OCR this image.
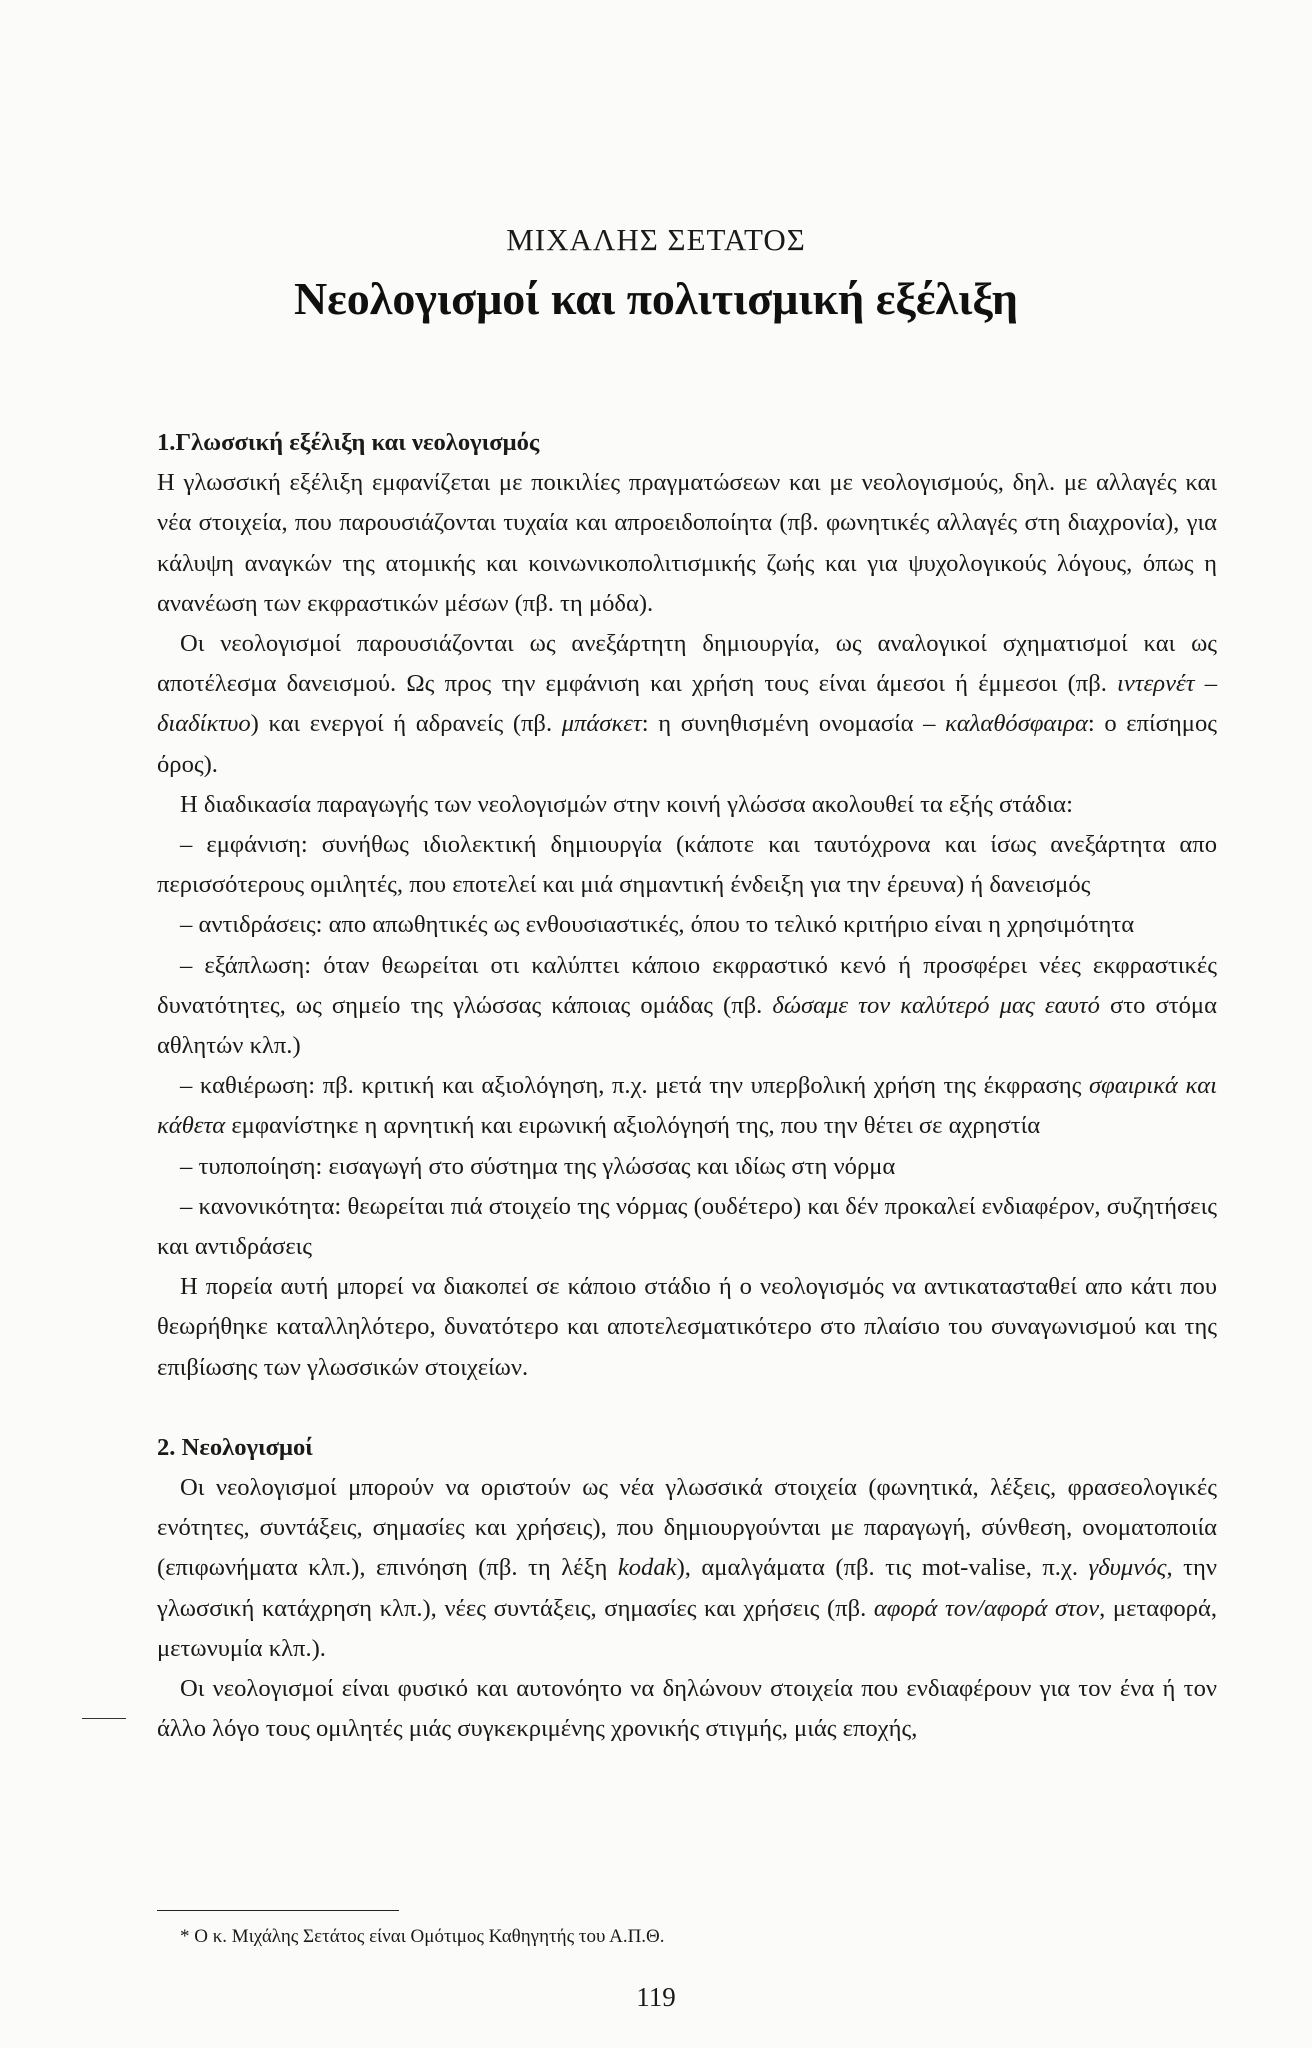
ΜΙΧΑΛΗΣ ΣΕΤΑΤΟΣ
Νεολογισμοί και πολιτισμική εξέλιξη
1.Γλωσσική εξέλιξη και νεολογισμός

Η γλωσσική εξέλιξη εμφανίζεται με ποικιλίες πραγματώσεων και με νεολογισμούς, δηλ. με αλλαγές και νέα στοιχεία, που παρουσιάζονται τυχαία και απροειδοποίητα (πβ. φωνητικές αλλαγές στη διαχρονία), για κάλυψη αναγκών της ατομικής και κοινωνικοπολιτισμικής ζωής και για ψυχολογικούς λόγους, όπως η ανανέωση των εκφραστικών μέσων (πβ. τη μόδα).

Οι νεολογισμοί παρουσιάζονται ως ανεξάρτητη δημιουργία, ως αναλογικοί σχηματισμοί και ως αποτέλεσμα δανεισμού. Ως προς την εμφάνιση και χρήση τους είναι άμεσοι ή έμμεσοι (πβ. ιντερνέτ – διαδίκτυο) και ενεργοί ή αδρανείς (πβ. μπάσκετ: η συνηθισμένη ονομασία – καλαθόσφαιρα: ο επίσημος όρος).

Η διαδικασία παραγωγής των νεολογισμών στην κοινή γλώσσα ακολουθεί τα εξής στάδια:

– εμφάνιση: συνήθως ιδιολεκτική δημιουργία (κάποτε και ταυτόχρονα και ίσως ανεξάρτητα απο περισσότερους ομιλητές, που εποτελεί και μιά σημαντική ένδειξη για την έρευνα) ή δανεισμός

– αντιδράσεις: απο απωθητικές ως ενθουσιαστικές, όπου το τελικό κριτήριο είναι η χρησιμότητα

– εξάπλωση: όταν θεωρείται οτι καλύπτει κάποιο εκφραστικό κενό ή προσφέρει νέες εκφραστικές δυνατότητες, ως σημείο της γλώσσας κάποιας ομάδας (πβ. δώσαμε τον καλύτερό μας εαυτό στο στόμα αθλητών κλπ.)

– καθιέρωση: πβ. κριτική και αξιολόγηση, π.χ. μετά την υπερβολική χρήση της έκφρασης σφαιρικά και κάθετα εμφανίστηκε η αρνητική και ειρωνική αξιολόγησή της, που την θέτει σε αχρηστία

– τυποποίηση: εισαγωγή στο σύστημα της γλώσσας και ιδίως στη νόρμα

– κανονικότητα: θεωρείται πιά στοιχείο της νόρμας (ουδέτερο) και δέν προκαλεί ενδιαφέρον, συζητήσεις και αντιδράσεις

Η πορεία αυτή μπορεί να διακοπεί σε κάποιο στάδιο ή ο νεολογισμός να αντικατασταθεί απο κάτι που θεωρήθηκε καταλληλότερο, δυνατότερο και αποτελεσματικότερο στο πλαίσιο του συναγωνισμού και της επιβίωσης των γλωσσικών στοιχείων.

2. Νεολογισμοί

Οι νεολογισμοί μπορούν να οριστούν ως νέα γλωσσικά στοιχεία (φωνητικά, λέξεις, φρασεολογικές ενότητες, συντάξεις, σημασίες και χρήσεις), που δημιουργούνται με παραγωγή, σύνθεση, ονοματοποιία (επιφωνήματα κλπ.), επινόηση (πβ. τη λέξη kodak), αμαλγάματα (πβ. τις mot-valise, π.χ. γδυμνός, την γλωσσική κατάχρηση κλπ.), νέες συντάξεις, σημασίες και χρήσεις (πβ. αφορά τον/αφορά στον, μεταφορά, μετωνυμία κλπ.).

Οι νεολογισμοί είναι φυσικό και αυτονόητο να δηλώνουν στοιχεία που ενδιαφέρουν για τον ένα ή τον άλλο λόγο τους ομιλητές μιάς συγκεκριμένης χρονικής στιγμής, μιάς εποχής,

* Ο κ. Μιχάλης Σετάτος είναι Ομότιμος Καθηγητής του Α.Π.Θ.
119
